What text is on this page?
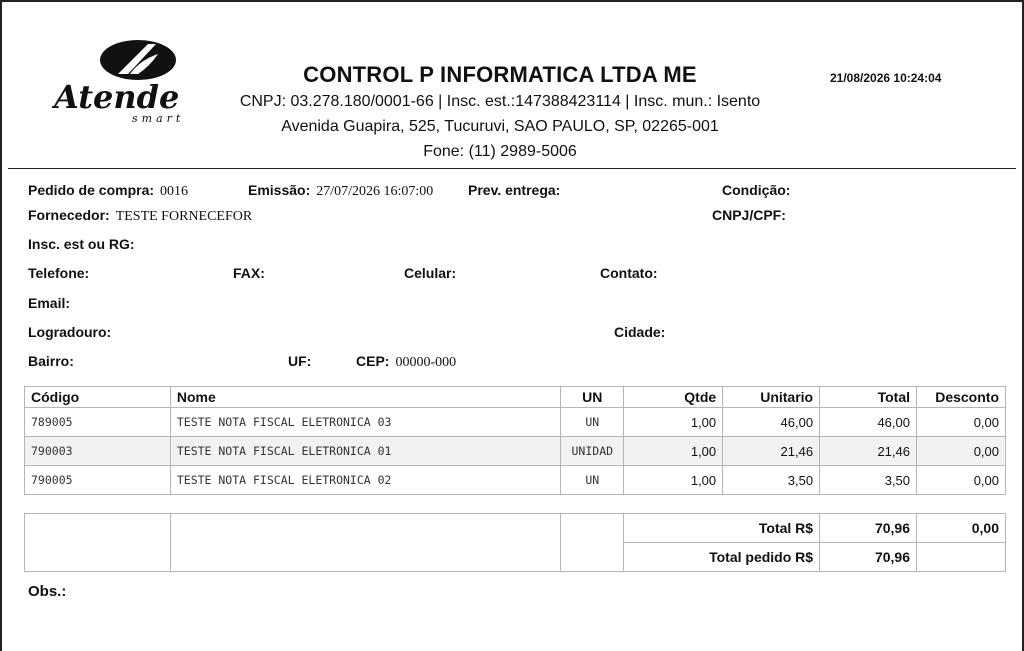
Atende
smart
CONTROL P INFORMATICA LTDA ME
CNPJ: 03.278.180/0001-66 | Insc. est.:147388423114 | Insc. mun.: Isento
Avenida Guapira, 525, Tucuruvi, SAO PAULO, SP, 02265-001
Fone: (11) 2989-5006
21/08/2026 10:24:04
Pedido de compra: 0016	Emissão: 27/07/2026 16:07:00 Prev. entrega:	Condição:
Fornecedor: TESTE FORNECEFOR	CNPJ/CPF:
Insc. est ou RG:
Telefone:	FAX:	Celular:	Contato:
Email:
Logradouro:	Cidade:
Bairro:	UF:	CEP: 00000-000
Código	Nome	UN	Qtde	Unitario	Total	Desconto
789005	TESTE NOTA FISCAL ELETRONICA 03	UN	1,00	46,00	46,00	0,00
790003	TESTE NOTA FISCAL ELETRONICA 01	UNIDAD	1,00	21,46	21,46	0,00
790005	TESTE NOTA FISCAL ELETRONICA 02	UN	1,00	3,50	3,50	0,00
			Total R$	70,96	0,00
			Total pedido R$	70,96	
Obs.:
